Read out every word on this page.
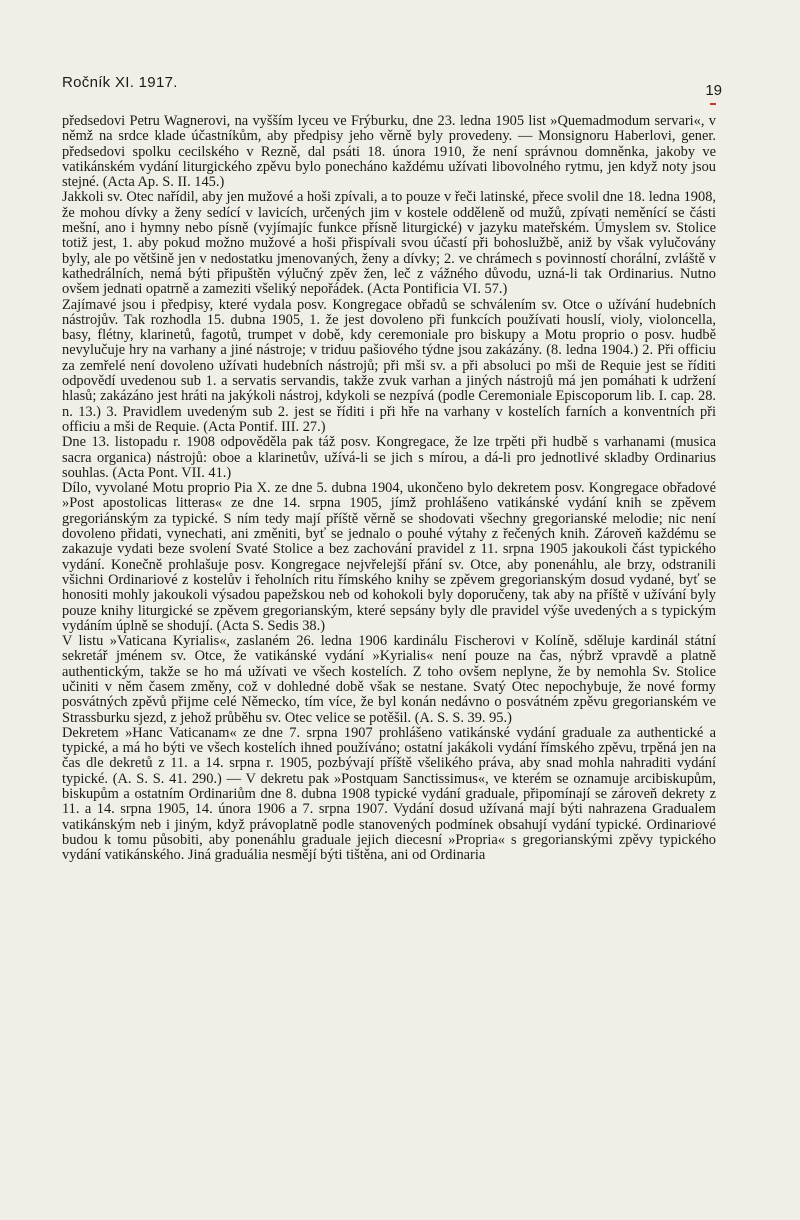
Ročník XI. 1917.	19

předsedovi Petru Wagnerovi, na vyšším lyceu ve Frýburku, dne 23. ledna 1905 list »Quemadmodum servari«, v němž na srdce klade účastníkům, aby předpisy jeho věrně byly provedeny. — Monsignoru Haberlovi, gener. předsedovi spolku cecilského v Rezně, dal psáti 18. února 1910, že není správnou domněnka, jakoby ve vatikánském vydání liturgického zpěvu bylo ponecháno každému užívati libovolného rytmu, jen když noty jsou stejné. (Acta Ap. S. II. 145.)

Jakkoli sv. Otec nařídil, aby jen mužové a hoši zpívali, a to pouze v řeči latinské, přece svolil dne 18. ledna 1908, že mohou dívky a ženy sedící v lavicích, určených jim v kostele odděleně od mužů, zpívati neměnící se části mešní, ano i hymny nebo písně (vyjímajíc funkce přísně liturgické) v jazyku mateřském. Úmyslem sv. Stolice totiž jest, 1. aby pokud možno mužové a hoši přispívali svou účastí při bohoslužbě, aniž by však vylučovány byly, ale po většině jen v nedostatku jmenovaných, ženy a dívky; 2. ve chrámech s povinností chorální, zvláště v kathedrálních, nemá býti připuštěn výlučný zpěv žen, leč z vážného důvodu, uzná-li tak Ordinarius. Nutno ovšem jednati opatrně a zameziti všeliký nepořádek. (Acta Pontificia VI. 57.)

Zajímavé jsou i předpisy, které vydala posv. Kongregace obřadů se schválením sv. Otce o užívání hudebních nástrojův. Tak rozhodla 15. dubna 1905, 1. že jest dovoleno při funkcích používati houslí, violy, violoncella, basy, flétny, klarinetů, fagotů, trumpet v době, kdy ceremoniale pro biskupy a Motu proprio o posv. hudbě nevylučuje hry na varhany a jiné nástroje; v triduu pašiového týdne jsou zakázány. (8. ledna 1904.) 2. Při officiu za zemřelé není dovoleno užívati hudebních nástrojů; při mši sv. a při absoluci po mši de Requie jest se říditi odpovědí uvedenou sub 1. a servatis servandis, takže zvuk varhan a jiných nástrojů má jen pomáhati k udržení hlasů; zakázáno jest hráti na jakýkoli nástroj, kdykoli se nezpívá (podle Ceremoniale Episcoporum lib. I. cap. 28. n. 13.) 3. Pravidlem uvedeným sub 2. jest se říditi i při hře na varhany v kostelích farních a konventních při officiu a mši de Requie. (Acta Pontif. III. 27.)

Dne 13. listopadu r. 1908 odpověděla pak táž posv. Kongregace, že lze trpěti při hudbě s varhanami (musica sacra organica) nástrojů: oboe a klarinetův, užívá-li se jich s mírou, a dá-li pro jednotlivé skladby Ordinarius souhlas. (Acta Pont. VII. 41.)

Dílo, vyvolané Motu proprio Pia X. ze dne 5. dubna 1904, ukončeno bylo dekretem posv. Kongregace obřadové »Post apostolicas litteras« ze dne 14. srpna 1905, jímž prohlášeno vatikánské vydání knih se zpěvem gregoriánským za typické. S ním tedy mají příště věrně se shodovati všechny gregorianské melodie; nic není dovoleno přidati, vynechati, ani změniti, byť se jednalo o pouhé výtahy z řečených knih. Zároveň každému se zakazuje vydati beze svolení Svaté Stolice a bez zachování pravidel z 11. srpna 1905 jakoukoli část typického vydání. Konečně prohlašuje posv. Kongregace nejvřelejší přání sv. Otce, aby ponenáhlu, ale brzy, odstranili všichni Ordinariové z kostelův i řeholních ritu římského knihy se zpěvem gregorianským dosud vydané, byť se honositi mohly jakoukoli výsadou papežskou neb od kohokoli byly doporučeny, tak aby na příště v užívání byly pouze knihy liturgické se zpěvem gregorianským, které sepsány byly dle pravidel výše uvedených a s typickým vydáním úplně se shodují. (Acta S. Sedis 38.)

V listu »Vaticana Kyrialis«, zaslaném 26. ledna 1906 kardinálu Fischerovi v Kolíně, sděluje kardinál státní sekretář jménem sv. Otce, že vatikánské vydání »Kyrialis« není pouze na čas, nýbrž vpravdě a platně authentickým, takže se ho má užívati ve všech kostelích. Z toho ovšem neplyne, že by nemohla Sv. Stolice učiniti v něm časem změny, což v dohledné době však se nestane. Svatý Otec nepochybuje, že nové formy posvátných zpěvů přijme celé Německo, tím více, že byl konán nedávno o posvátném zpěvu gregorianském ve Strassburku sjezd, z jehož průběhu sv. Otec velice se potěšil. (A. S. S. 39. 95.)

Dekretem »Hanc Vaticanam« ze dne 7. srpna 1907 prohlášeno vatikánské vydání graduale za authentické a typické, a má ho býti ve všech kostelích ihned používáno; ostatní jakákoli vydání římského zpěvu, trpěná jen na čas dle dekretů z 11. a 14. srpna r. 1905, pozbývají příště všelikého práva, aby snad mohla nahraditi vydání typické. (A. S. S. 41. 290.) — V dekretu pak »Postquam Sanctissimus«, ve kterém se oznamuje arcibiskupům, biskupům a ostatním Ordinariům dne 8. dubna 1908 typické vydání graduale, připomínají se zároveň dekrety z 11. a 14. srpna 1905, 14. února 1906 a 7. srpna 1907. Vydání dosud užívaná mají býti nahrazena Gradualem vatikánským neb i jiným, když právoplatně podle stanovených podmínek obsahují vydání typické. Ordinariové budou k tomu působiti, aby ponenáhlu graduale jejich diecesní »Propria« s gregorianskými zpěvy typického vydání vatikánského. Jiná graduália nesmějí býti tištěna, ani od Ordinaria
